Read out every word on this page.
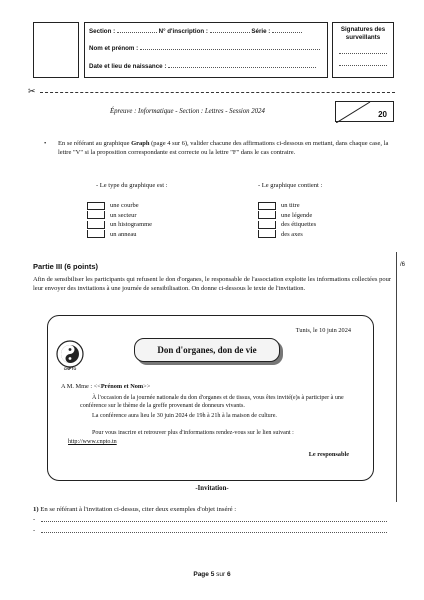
Section :	N° d'inscription :	Série :
Nom et prénom :
Date et lieu de naissance :
Signatures des surveillants
✂
Épreuve : Informatique - Section : Lettres - Session 2024	20
• En se référant au graphique Graph (page 4 sur 6), valider chacune des affirmations ci-dessous en mettant, dans chaque case, la lettre "V" si la proposition correspondante est correcte ou la lettre "F" dans le cas contraire.
- Le type du graphique est :	- Le graphique contient :
une courbe
un secteur
un histogramme
un anneau
un titre
une légende
des étiquettes
des axes
Partie III (6 points)	/6
Afin de sensibiliser les participants qui refusent le don d'organes, le responsable de l'association exploite les informations collectées pour leur envoyer des invitations à une journée de sensibilisation. On donne ci-dessous le texte de l'invitation.
Tunis, le 10 juin 2024
CNPTO
Don d'organes, don de vie
A M. Mme : <<Prénom et Nom>>
À l'occasion de la journée nationale du don d'organes et de tissus, vous êtes invité(e)s à participer à une conférence sur le thème de la greffe provenant de donneurs vivants.
La conférence aura lieu le 30 juin 2024 de 19h à 21h à la maison de culture.
Pour vous inscrire et retrouver plus d'informations rendez-vous sur le lien suivant :
http://www.cnpto.tn
Le responsable
-Invitation-
1) En se référant à l'invitation ci-dessus, citer deux exemples d'objet inséré :
-
-
Page 5 sur 6
